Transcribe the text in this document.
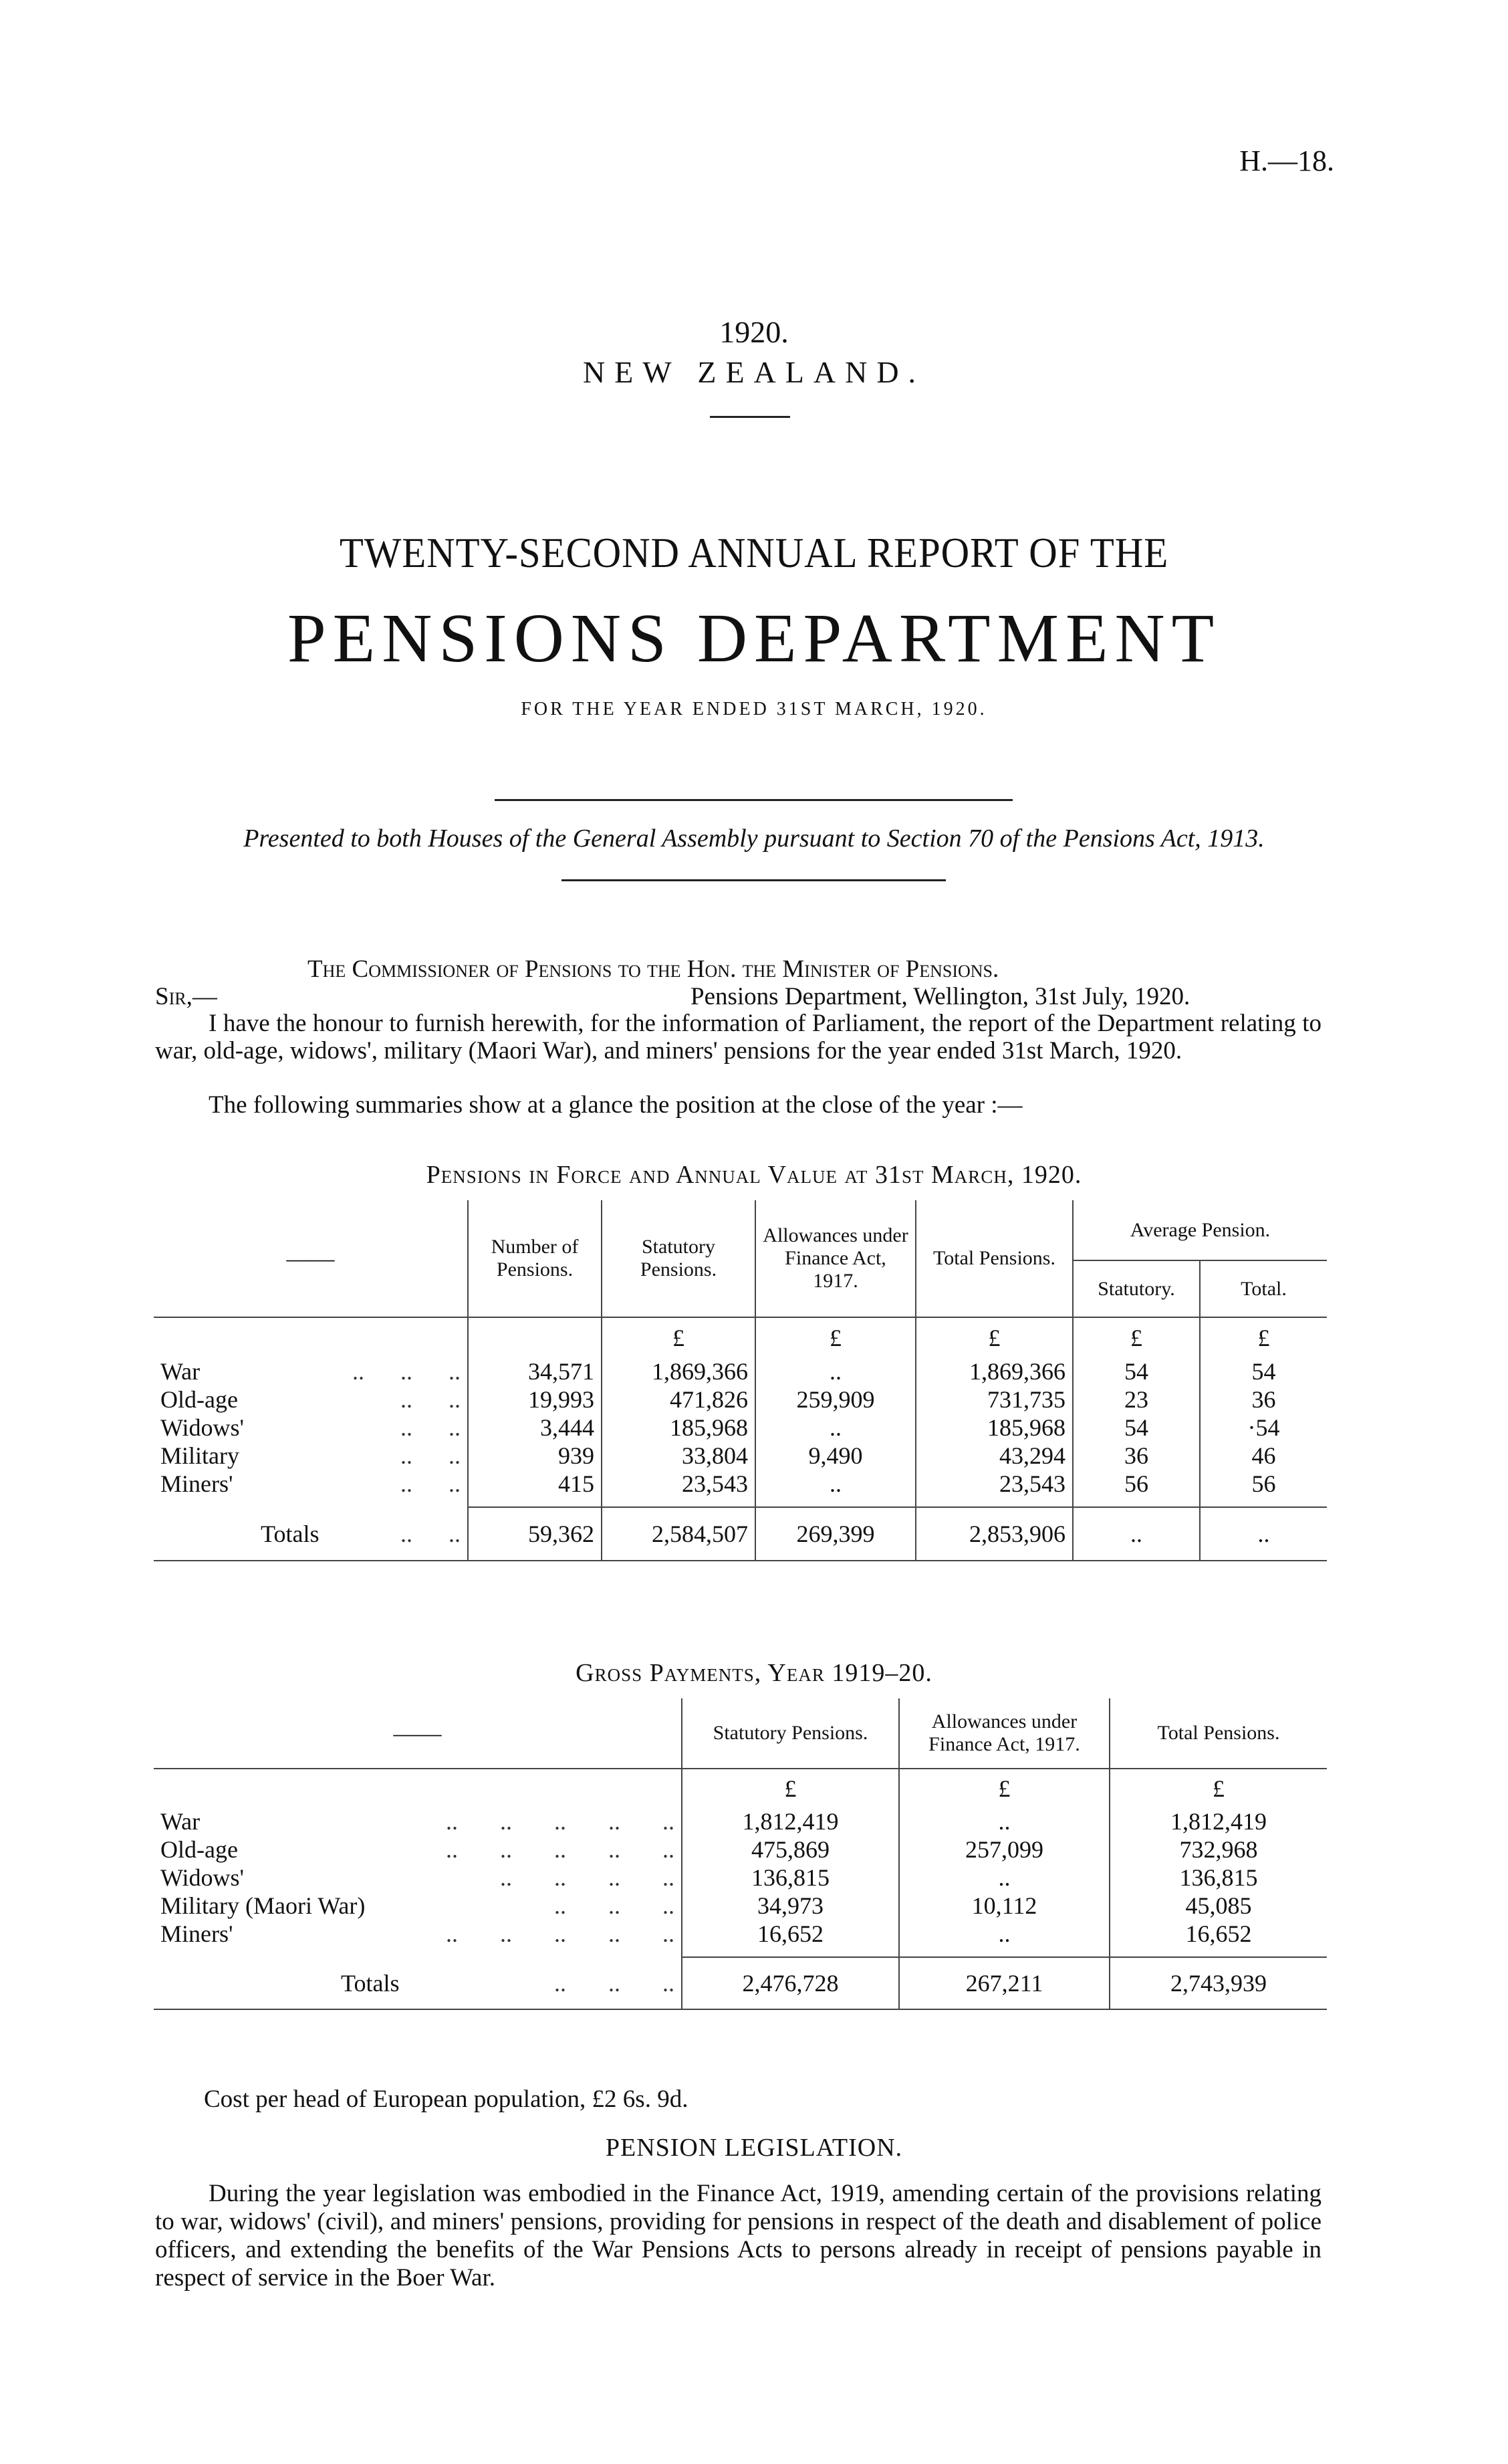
H.—18.
1920.
NEW ZEALAND.
TWENTY-SECOND ANNUAL REPORT OF THE
PENSIONS DEPARTMENT
FOR THE YEAR ENDED 31ST MARCH, 1920.
Presented to both Houses of the General Assembly pursuant to Section 70 of the Pensions Act, 1913.
The Commissioner of Pensions to the Hon. the Minister of Pensions.
Sir,—	Pensions Department, Wellington, 31st July, 1920.
I have the honour to furnish herewith, for the information of Parliament, the report of the Department relating to war, old-age, widows', military (Maori War), and miners' pensions for the year ended 31st March, 1920.
The following summaries show at a glance the position at the close of the year :—
Pensions in Force and Annual Value at 31st March, 1920.
——	Number of Pensions.	Statutory Pensions.	Allowances under Finance Act, 1917.	Total Pensions.	Average Pension.	
					Statutory.	Total.
		£	£	£	£	£
War ..      ..      ..	34,571	1,869,366	..	1,869,366	54	54
Old-age ..      ..	19,993	471,826	259,909	731,735	23	36
Widows' ..      ..	3,444	185,968	..	185,968	54	·54
Military ..      ..	939	33,804	9,490	43,294	36	46
Miners' ..      ..	415	23,543	..	23,543	56	56

Totals ..      ..	59,362	2,584,507	269,399	2,853,906	..	..
Gross Payments, Year 1919–20.
——	Statutory Pensions.	Allowances under Finance Act, 1917.	Total Pensions.
	£	£	£
War ..       ..       ..       ..       ..	1,812,419	..	1,812,419
Old-age ..       ..       ..       ..       ..	475,869	257,099	732,968
Widows' ..       ..       ..       ..	136,815	..	136,815
Military (Maori War) ..       ..       ..	34,973	10,112	45,085
Miners' ..       ..       ..       ..       ..	16,652	..	16,652

Totals ..       ..       ..	2,476,728	267,211	2,743,939
Cost per head of European population, £2 6s. 9d.
PENSION LEGISLATION.
During the year legislation was embodied in the Finance Act, 1919, amending certain of the provisions relating to war, widows' (civil), and miners' pensions, providing for pensions in respect of the death and disablement of police officers, and extending the benefits of the War Pensions Acts to persons already in receipt of pensions payable in respect of service in the Boer War.
